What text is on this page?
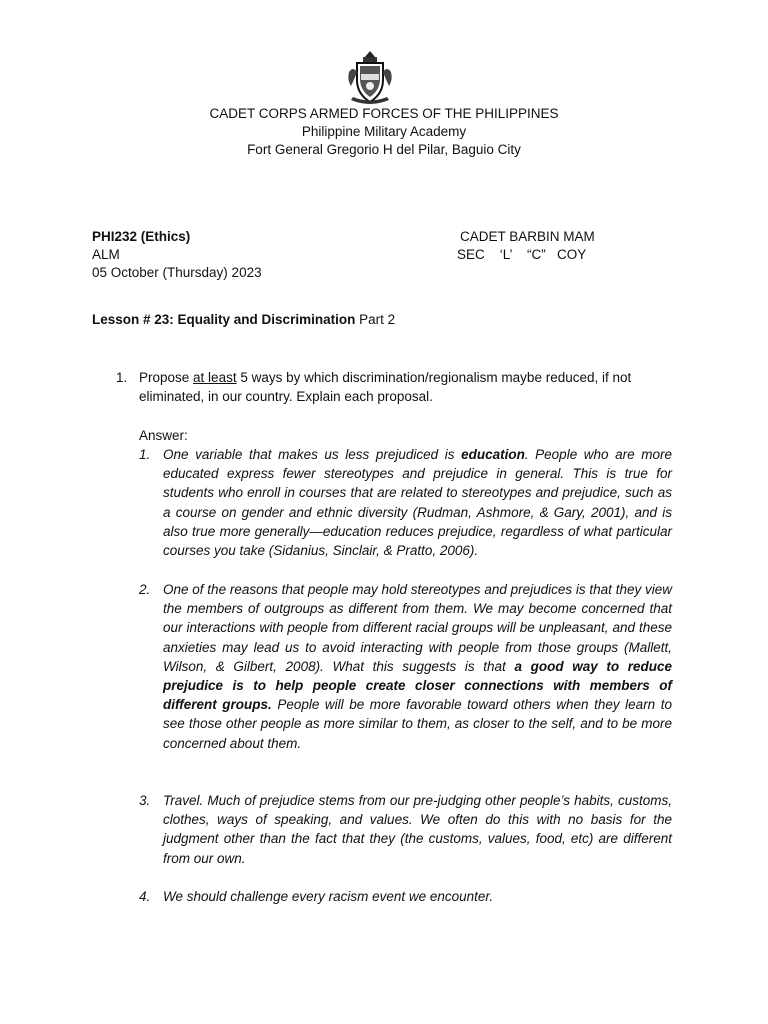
CADET CORPS ARMED FORCES OF THE PHILIPPINES
Philippine Military Academy
Fort General Gregorio H del Pilar, Baguio City
PHI232 (Ethics)
ALM
05 October (Thursday) 2023
CADET BARBIN MAM
SEC    ‘L’    “C”   COY
Lesson # 23: Equality and Discrimination Part 2
1. Propose at least 5 ways by which discrimination/regionalism maybe reduced, if not eliminated, in our country. Explain each proposal.
Answer:
1. One variable that makes us less prejudiced is education. People who are more educated express fewer stereotypes and prejudice in general. This is true for students who enroll in courses that are related to stereotypes and prejudice, such as a course on gender and ethnic diversity (Rudman, Ashmore, & Gary, 2001), and is also true more generally—education reduces prejudice, regardless of what particular courses you take (Sidanius, Sinclair, & Pratto, 2006).
2. One of the reasons that people may hold stereotypes and prejudices is that they view the members of outgroups as different from them. We may become concerned that our interactions with people from different racial groups will be unpleasant, and these anxieties may lead us to avoid interacting with people from those groups (Mallett, Wilson, & Gilbert, 2008). What this suggests is that a good way to reduce prejudice is to help people create closer connections with members of different groups. People will be more favorable toward others when they learn to see those other people as more similar to them, as closer to the self, and to be more concerned about them.
3. Travel. Much of prejudice stems from our pre-judging other people’s habits, customs, clothes, ways of speaking, and values. We often do this with no basis for the judgment other than the fact that they (the customs, values, food, etc) are different from our own.
4. We should challenge every racism event we encounter.
